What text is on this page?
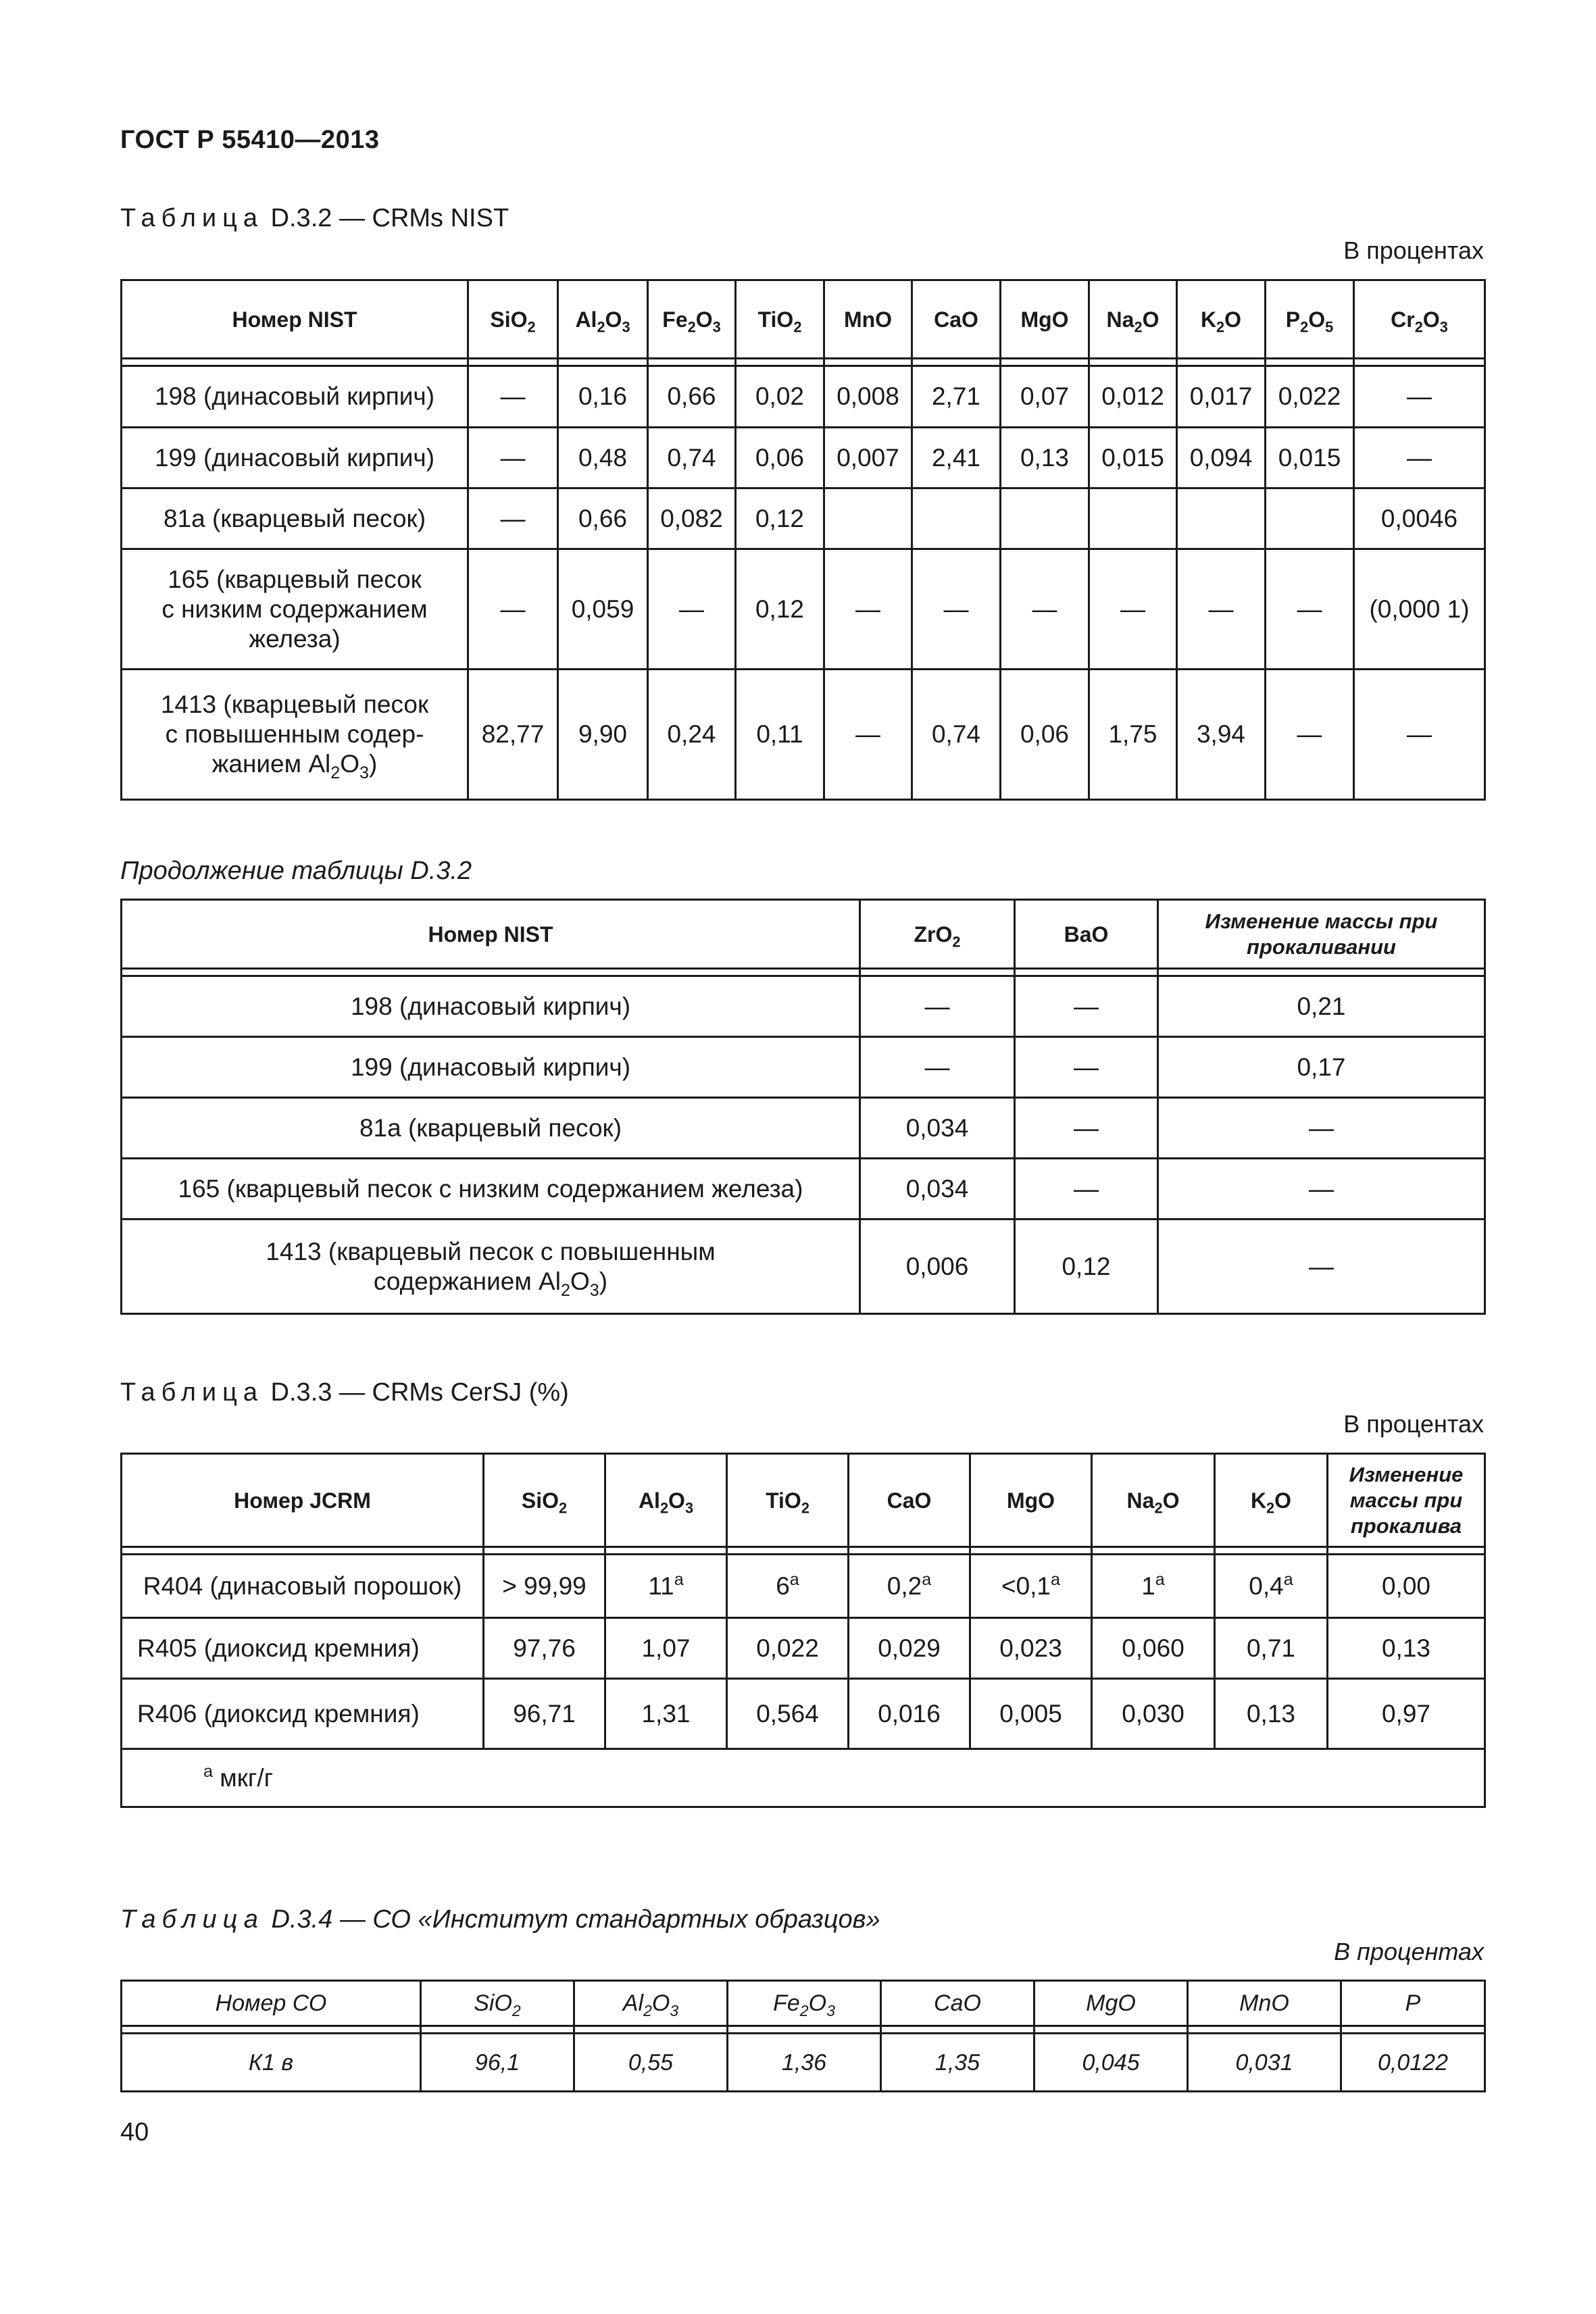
ГОСТ Р 55410—2013
Таблица D.3.2 — CRMs NIST
В процентах
Номер NIST	SiO$_2$	$Al_2O_3$	$Fe_2O_3$	TiO$_2$	MnO	CaO	MgO	$Na_2O$	$K_2O$	$P_2O_5$	$Cr_2O_3$

198 (динасовый кирпич)	—	0,16	0,66	0,02	0,008	2,71	0,07	0,012	0,017	0,022	—
199 (динасовый кирпич)	—	0,48	0,74	0,06	0,007	2,41	0,13	0,015	0,094	0,015	—
81a (кварцевый песок)	—	0,66	0,082	0,12							0,0046

165 (кварцевый песок
с низким содержанием
железа)	—	0,059	—	0,12	—	—	—	—	—	—	(0,000 1)

1413 (кварцевый песок
с повышенным содер-
жанием $Al_2O_3$)	82,77	9,90	0,24	0,11	—	0,74	0,06	1,75	3,94	—	—
Продолжение таблицы D.3.2
Номер NIST	ZrO$_2$	BaO	Изменение массы при
прокаливании

198 (динасовый кирпич)	—	—	0,21
199 (динасовый кирпич)	—	—	0,17
81a (кварцевый песок)	0,034	—	—
165 (кварцевый песок с низким содержанием железа)	0,034	—	—

1413 (кварцевый песок с повышенным
содержанием $Al_2O_3$)	0,006	0,12	—
Таблица D.3.3 — CRMs CerSJ (%)
В процентах
Номер JCRM	SiO$_2$	$Al_2O_3$	TiO$_2$	CaO	MgO	$Na_2O$	$K_2O$	Изменение
массы при
прокалива

R404 (динасовый порошок)	> 99,99	$11^а$	$6^а$	$0,2^а$	$<0,1^а$	$1^а$	$0,4^а$	0,00
R405 (диоксид кремния)	97,76	1,07	0,022	0,029	0,023	0,060	0,71	0,13
R406 (диоксид кремния)	96,71	1,31	0,564	0,016	0,005	0,030	0,13	0,97
$^а$ мкг/г								
Таблица D.3.4 — СО «Институт стандартных образцов»
В процентах
Номер СО	SiO$_2$	$Al_2O_3$	$Fe_2O_3$	CaO	MgO	MnO	P

К1 в	96,1	0,55	1,36	1,35	0,045	0,031	0,0122
40
